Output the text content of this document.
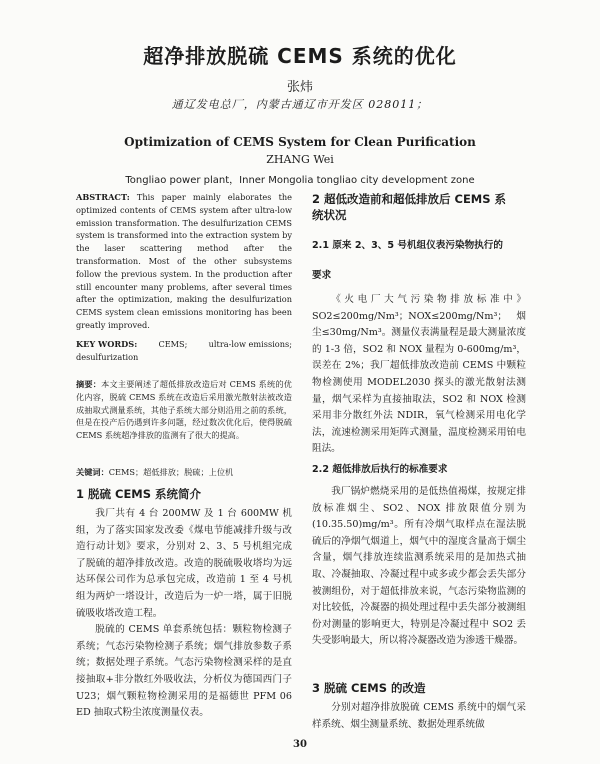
超净排放脱硫 CEMS 系统的优化
张炜
通辽发电总厂，内蒙古通辽市开发区 028011；
Optimization of CEMS System for Clean Purification
ZHANG Wei
Tongliao power plant，Inner Mongolia tongliao city development zone

ABSTRACT: This paper mainly elaborates the optimized contents of CEMS system after ultra-low emission transformation. The desulfurization CEMS system is transformed into the extraction system by the laser scattering method after the transformation. Most of the other subsystems follow the previous system. In the production after still encounter many problems, after several times after the optimization, making the desulfurization CEMS system clean emissions monitoring has been greatly improved.

KEY WORDS:	CEMS;	ultra-low emissions;
desulfurization

摘要：本文主要阐述了超低排放改造后对 CEMS 系统的优化内容，脱硫 CEMS 系统在改造后采用激光散射法被改造成抽取式测量系统，其他子系统大部分则沿用之前的系统，但是在投产后仍遇到许多问题，经过数次优化后，使得脱硫 CEMS 系统超净排放的监测有了很大的提高。

关键词：CEMS；超低排放；脱硫；上位机

1 脱硫 CEMS 系统简介

我厂共有 4 台 200MW 及 1 台 600MW 机组，为了落实国家发改委《煤电节能减排升级与改造行动计划》要求，分别对 2、3、5 号机组完成了脱硫的超净排放改造。改造的脱硫吸收塔均为远达环保公司作为总承包完成，改造前 1 至 4 号机组为两炉一塔设计，改造后为一炉一塔，属于旧脱硫吸收塔改造工程。

脱硫的 CEMS 单套系统包括：颗粒物检测子系统；气态污染物检测子系统；烟气排放参数子系统；数据处理子系统。气态污染物检测采样的是直接抽取+非分散红外吸收法，分析仪为德国西门子 U23；烟气颗粒物检测采用的是福德世 PFM 06 ED 抽取式粉尘浓度测量仪表。

2 超低改造前和超低排放后 CEMS 系
统状况
2.1 原来 2、3、5 号机组仪表污染物执行的
要求

《火电厂大气污染物排放标准中》SO2≤200mg/Nm³；NOX≤200mg/Nm³；烟尘≤30mg/Nm³。测量仪表满量程是最大测量浓度的 1-3 倍，SO2 和 NOX 量程为 0-600mg/m³，误差在 2%；我厂超低排放改造前 CEMS 中颗粒物检测使用 MODEL2030 探头的激光散射法测量，烟气采样为直接抽取法，SO2 和 NOX 检测采用非分散红外法 NDIR，氧气检测采用电化学法，流速检测采用矩阵式测量，温度检测采用铂电阻法。

2.2 超低排放后执行的标准要求

我厂锅炉燃烧采用的是低热值褐煤，按规定排放标准烟尘、SO2、NOX 排放限值分别为(10.35.50)mg/m³。所有冷烟气取样点在湿法脱硫后的净烟气烟道上，烟气中的湿度含量高于烟尘含量，烟气排放连续监测系统采用的是加热式抽取、冷凝抽取、冷凝过程中或多或少都会丢失部分被测组份，对于超低排放来说，气态污染物监测的对比较低，冷凝器的损处理过程中丢失部分被测组份对测量的影响更大，特别是冷凝过程中 SO2 丢失受影响最大，所以将冷凝器改造为渗透干燥器。

3 脱硫 CEMS 的改造

分别对超净排放脱硫 CEMS 系统中的烟气采样系统、烟尘测量系统、数据处理系统做

30
